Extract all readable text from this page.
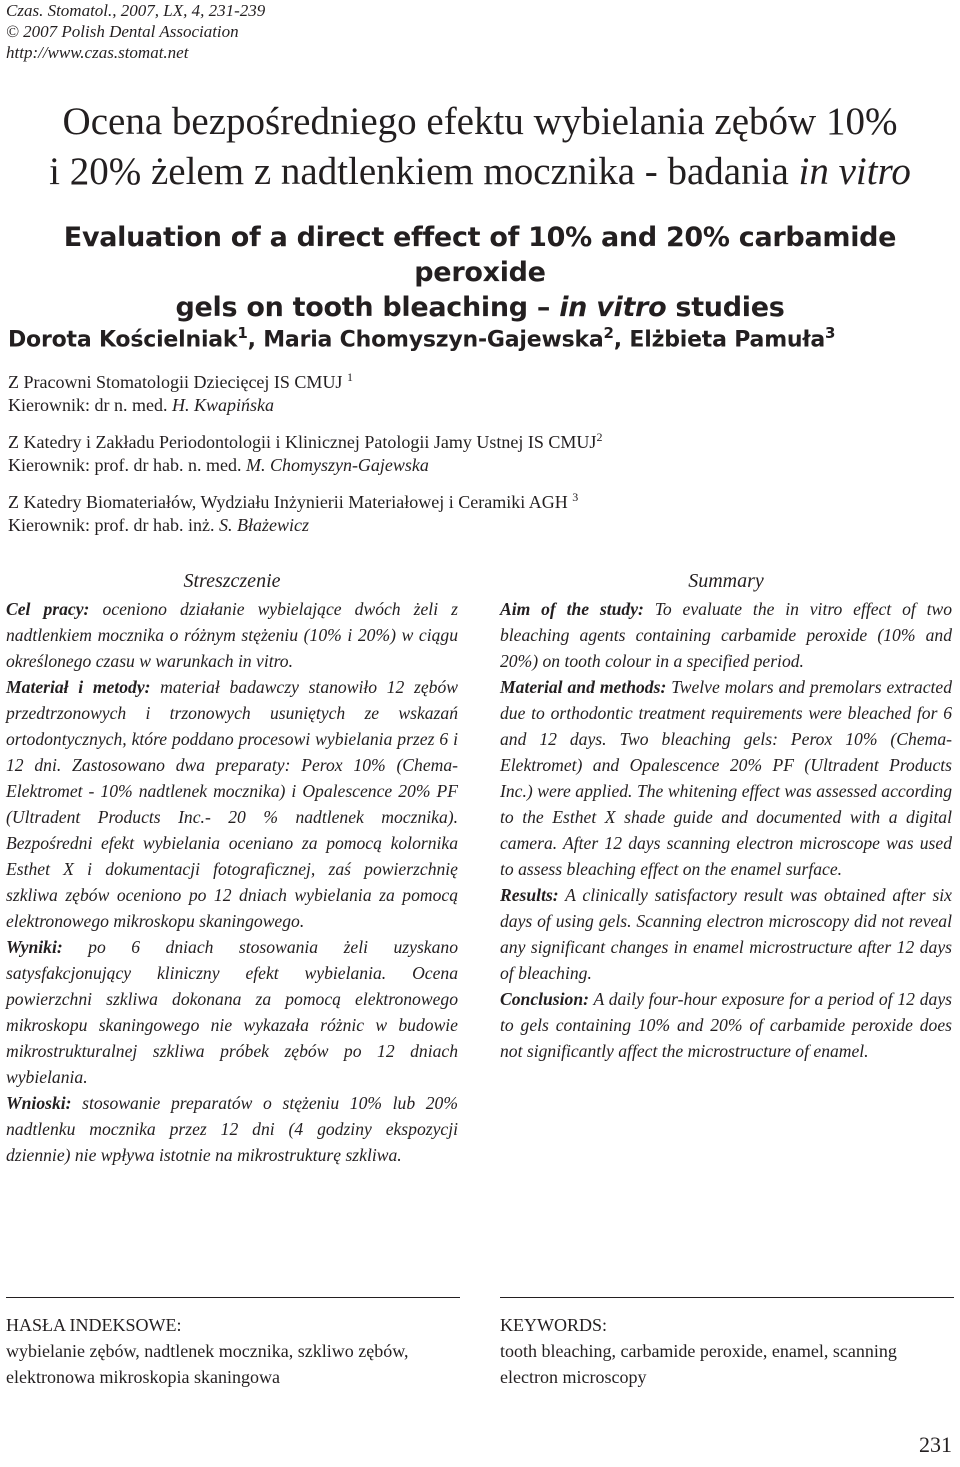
Czas. Stomatol., 2007, LX, 4, 231-239
© 2007 Polish Dental Association
http://www.czas.stomat.net
Ocena bezpośredniego efektu wybielania zębów 10%
i 20% żelem z nadtlenkiem mocznika - badania in vitro
Evaluation of a direct effect of 10% and 20% carbamide peroxide
gels on tooth bleaching – in vitro studies
Dorota Kościelniak$^1$, Maria Chomyszyn-Gajewska$^2$, Elżbieta Pamuła$^3$
Z Pracowni Stomatologii Dziecięcej IS CMUJ $^1$
Kierownik: dr n. med. H. Kwapińska
Z Katedry i Zakładu Periodontologii i Klinicznej Patologii Jamy Ustnej IS CMUJ$^2$
Kierownik: prof. dr hab. n. med. M. Chomyszyn-Gajewska
Z Katedry Biomateriałów, Wydziału Inżynierii Materiałowej i Ceramiki AGH $^3$
Kierownik: prof. dr hab. inż. S. Błażewicz
Streszczenie
Cel pracy: oceniono działanie wybielające dwóch żeli z nadtlenkiem mocznika o różnym stężeniu (10% i 20%) w ciągu określonego czasu w warunkach in vitro.
Materiał i metody: materiał badawczy stanowiło 12 zębów przedtrzonowych i trzonowych usuniętych ze wskazań ortodontycznych, które poddano procesowi wybielania przez 6 i 12 dni. Zastosowano dwa preparaty: Perox 10% (Chema-Elektromet - 10% nadtlenek mocznika) i Opalescence 20% PF (Ultradent Products Inc.- 20 % nadtlenek mocznika). Bezpośredni efekt wybielania oceniano za pomocą kolornika Esthet X i dokumentacji fotograficznej, zaś powierzchnię szkliwa zębów oceniono po 12 dniach wybielania za pomocą elektronowego mikroskopu skaningowego.
Wyniki: po 6 dniach stosowania żeli uzyskano satysfakcjonujący kliniczny efekt wybielania. Ocena powierzchni szkliwa dokonana za pomocą elektronowego mikroskopu skaningowego nie wykazała różnic w budowie mikrostrukturalnej szkliwa próbek zębów po 12 dniach wybielania.
Wnioski: stosowanie preparatów o stężeniu 10% lub 20% nadtlenku mocznika przez 12 dni (4 godziny ekspozycji dziennie) nie wpływa istotnie na mikrostrukturę szkliwa.
Summary
Aim of the study: To evaluate the in vitro effect of two bleaching agents containing carbamide peroxide (10% and 20%) on tooth colour in a specified period.
Material and methods: Twelve molars and premolars extracted due to orthodontic treatment requirements were bleached for 6 and 12 days. Two bleaching gels: Perox 10% (Chema-Elektromet) and Opalescence 20% PF (Ultradent Products Inc.) were applied. The whitening effect was assessed according to the Esthet X shade guide and documented with a digital camera. After 12 days scanning electron microscope was used to assess bleaching effect on the enamel surface.
Results: A clinically satisfactory result was obtained after six days of using gels. Scanning electron microscopy did not reveal any significant changes in enamel microstructure after 12 days of bleaching.
Conclusion: A daily four-hour exposure for a period of 12 days to gels containing 10% and 20% of carbamide peroxide does not significantly affect the microstructure of enamel.
HASŁA INDEKSOWE:
wybielanie zębów, nadtlenek mocznika, szkliwo zębów, elektronowa mikroskopia skaningowa
KEYWORDS:
tooth bleaching, carbamide peroxide, enamel, scanning electron microscopy
231
